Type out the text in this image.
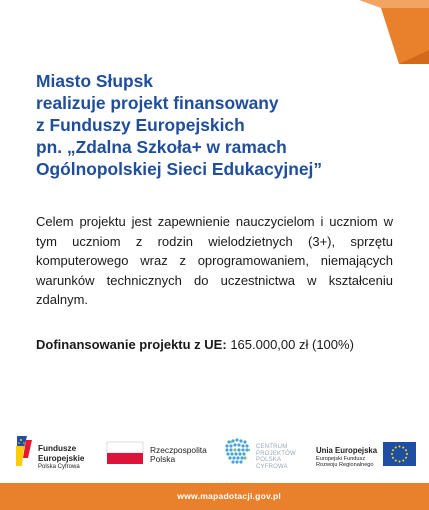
Miasto Słupsk
realizuje projekt finansowany
z Funduszy Europejskich
pn. „Zdalna Szkoła+ w ramach
Ogólnopolskiej Sieci Edukacyjnej”

Celem projektu jest zapewnienie nauczycielom i uczniom w tym uczniom z rodzin wielodzietnych (3+), sprzętu komputerowego wraz z oprogramowaniem, niemających warunków technicznych do uczestnictwa w kształceniu zdalnym.

Dofinansowanie projektu z UE: 165.000,00 zł (100%)

Fundusze
Europejskie
Polska Cyfrowa
Rzeczpospolita
Polska
CENTRUM
PROJEKTÓW
POLSKA
CYFROWA
Unia Europejska
Europejski Fundusz
Rozwoju Regionalnego
www.mapadotacji.gov.pl
